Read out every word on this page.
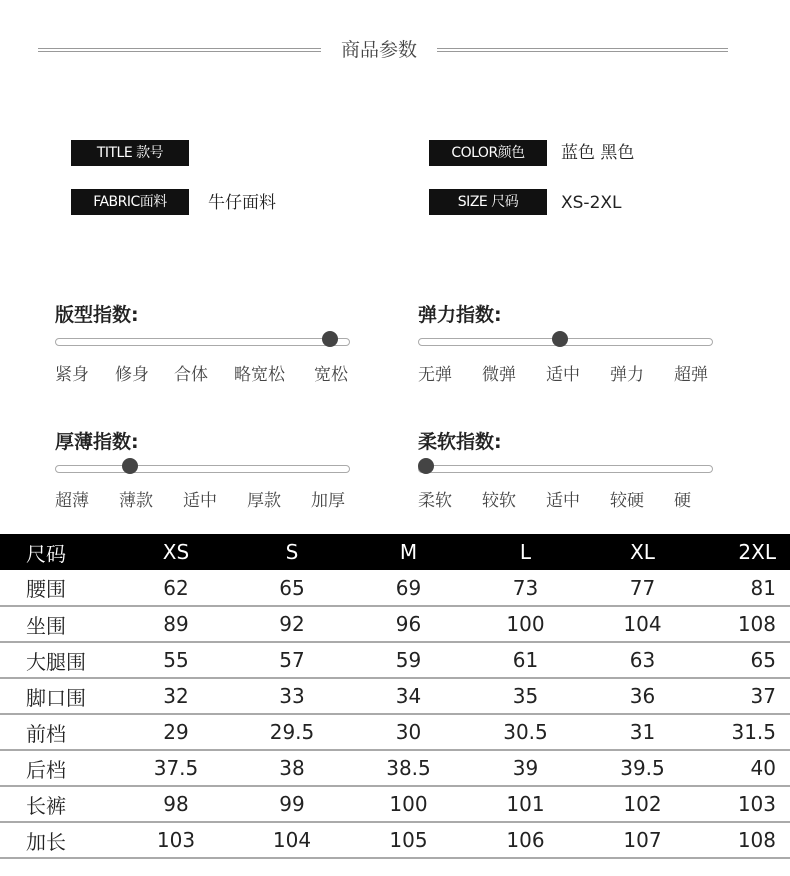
商品参数
TITLE 款号	COLOR颜色	蓝色 黑色
FABRIC面料	牛仔面料	SIZE 尺码	XS-2XL
版型指数:
紧身 修身 合体 略宽松 宽松
弹力指数:
无弹 微弹 适中 弹力 超弹
厚薄指数:
超薄 薄款 适中 厚款 加厚
柔软指数:
柔软 较软 适中 较硬 硬
尺码	XS	S	M	L	XL	2XL
腰围	62	65	69	73	77	81
坐围	89	92	96	100	104	108
大腿围	55	57	59	61	63	65
脚口围	32	33	34	35	36	37
前档	29	29.5	30	30.5	31	31.5
后档	37.5	38	38.5	39	39.5	40
长裤	98	99	100	101	102	103
加长	103	104	105	106	107	108
